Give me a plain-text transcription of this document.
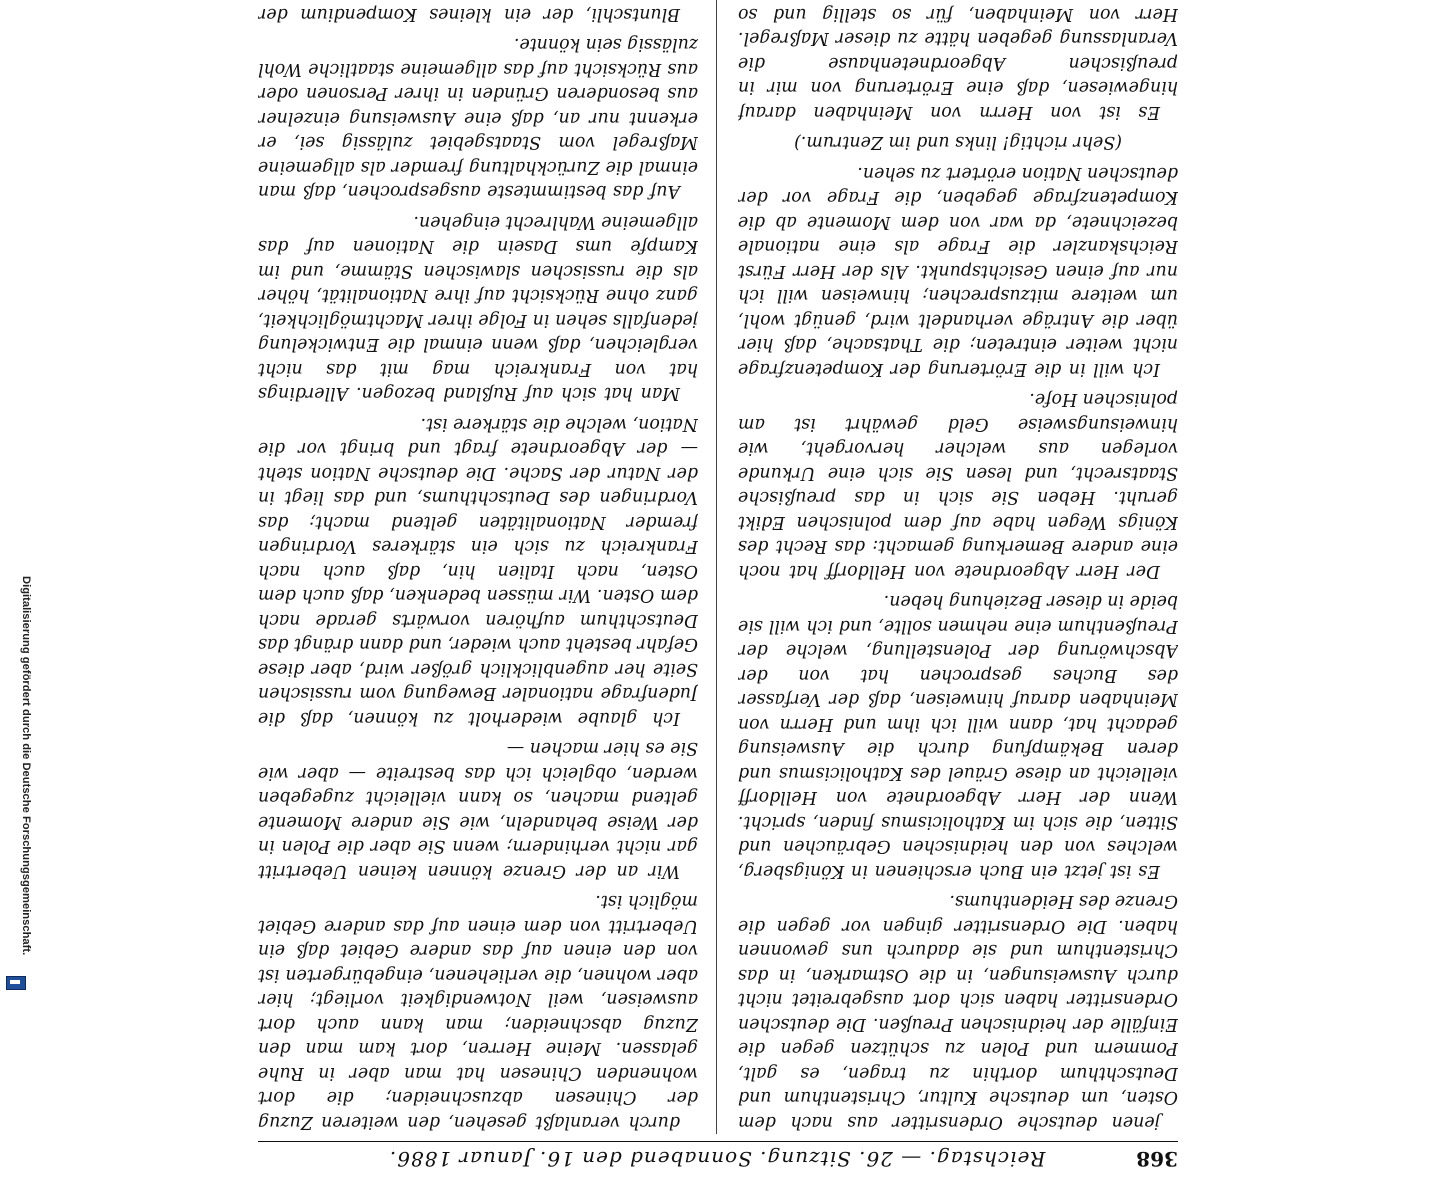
368
Reichstag. — 26. Sitzung. Sonnabend den 16. Januar 1886.

jenen deutsche Ordensritter aus nach dem Osten, um deutsche Kultur, Christenthum und Deutschthum dorthin zu tragen, es galt, Pommern und Polen zu schützen gegen die Einfälle der heidnischen Preußen. Die deutschen Ordensritter haben sich dort ausgebreitet nicht durch Ausweisungen, in die Ostmarken, in das Christenthum und sie dadurch uns gewonnen haben. Die Ordensritter gingen vor gegen die Grenze des Heidenthums.

Es ist jetzt ein Buch erschienen in Königsberg, welches von den heidnischen Gebräuchen und Sitten, die sich im Katholicismus finden, spricht. Wenn der Herr Abgeordnete von Helldorff vielleicht an diese Gräuel des Katholicismus und deren Bekämpfung durch die Ausweisung gedacht hat, dann will ich ihm und Herrn von Meinhaben darauf hinweisen, daß der Verfasser des Buches gesprochen hat von der Abschwörung der Polenstellung, welche der Preußenthum eine nehmen sollte, und ich will sie beide in dieser Beziehung heben.

Der Herr Abgeordnete von Helldorff hat noch eine andere Bemerkung gemacht: das Recht des Königs Wegen habe auf dem polnischen Edikt geruht. Heben Sie sich in das preußische Staatsrecht, und lesen Sie sich eine Urkunde vorlegen aus welcher hervorgeht, wie hinweisungsweise Geld gewährt ist am polnischen Hofe.

Ich will in die Erörterung der Kompetenzfrage nicht weiter eintreten; die Thatsache, daß hier über die Anträge verhandelt wird, genügt wohl, um weitere mitzusprechen; hinweisen will ich nur auf einen Gesichtspunkt. Als der Herr Fürst Reichskanzler die Frage als eine nationale bezeichnete, da war von dem Momente ab die Kompetenzfrage gegeben, die Frage vor der deutschen Nation erörtert zu sehen.

(Sehr richtig! links und im Zentrum.)

Es ist von Herrn von Meinhaben darauf hingewiesen, daß eine Erörterung von mir in preußischen Abgeordnetenhause die Veranlassung gegeben hätte zu dieser Maßregel. Herr von Meinhaben, für so stellig und so

durch veranlaßt gesehen, den weiteren Zuzug der Chinesen abzuschneiden; die dort wohnenden Chinesen hat man aber in Ruhe gelassen. Meine Herren, dort kam man den Zuzug abschneiden; man kann auch dort ausweisen, weil Notwendigkeit vorliegt; hier aber wohnen, die verliehenen, eingebürgerten ist von den einen auf das andere Gebiet daß ein Uebertritt von dem einen auf das andere Gebiet möglich ist.

Wir an der Grenze können keinen Uebertritt gar nicht verhindern; wenn Sie aber die Polen in der Weise behandeln, wie Sie andere Momente geltend machen, so kann vielleicht zugegeben werden, obgleich ich das bestreite — aber wie Sie es hier machen —

Ich glaube wiederholt zu können, daß die Judenfrage nationaler Bewegung vom russischen Seite her augenblicklich größer wird, aber diese Gefahr besteht auch wieder, und dann drängt das Deutschthum aufhören vorwärts gerade nach dem Osten. Wir müssen bedenken, daß auch dem Osten, nach Italien hin, daß auch nach Frankreich zu sich ein stärkeres Vordringen fremder Nationalitäten geltend macht; das Vordringen des Deutschthums, und das liegt in der Natur der Sache. Die deutsche Nation steht — der Abgeordnete fragt und bringt vor die Nation, welche die stärkere ist.

Man hat sich auf Rußland bezogen. Allerdings hat von Frankreich mag mit das nicht vergleichen, daß wenn einmal die Entwickelung jedenfalls sehen in Folge ihrer Machtmöglichkeit, ganz ohne Rücksicht auf ihre Nationalität, höher als die russischen slawischen Stämme, und im Kampfe ums Dasein die Nationen auf das allgemeine Wahlrecht eingehen.

Auf das bestimmteste ausgesprochen, daß man einmal die Zurückhaltung fremder als allgemeine Maßregel vom Staatsgebiet zulässig sei, er erkennt nur an, daß eine Ausweisung einzelner aus besonderen Gründen in ihrer Personen oder aus Rücksicht auf das allgemeine staatliche Wohl zulässig sein könnte.

Bluntschli, der ein kleines Kompendium der

Digitalisierung gefördert durch die Deutsche Forschungsgemeinschaft.
